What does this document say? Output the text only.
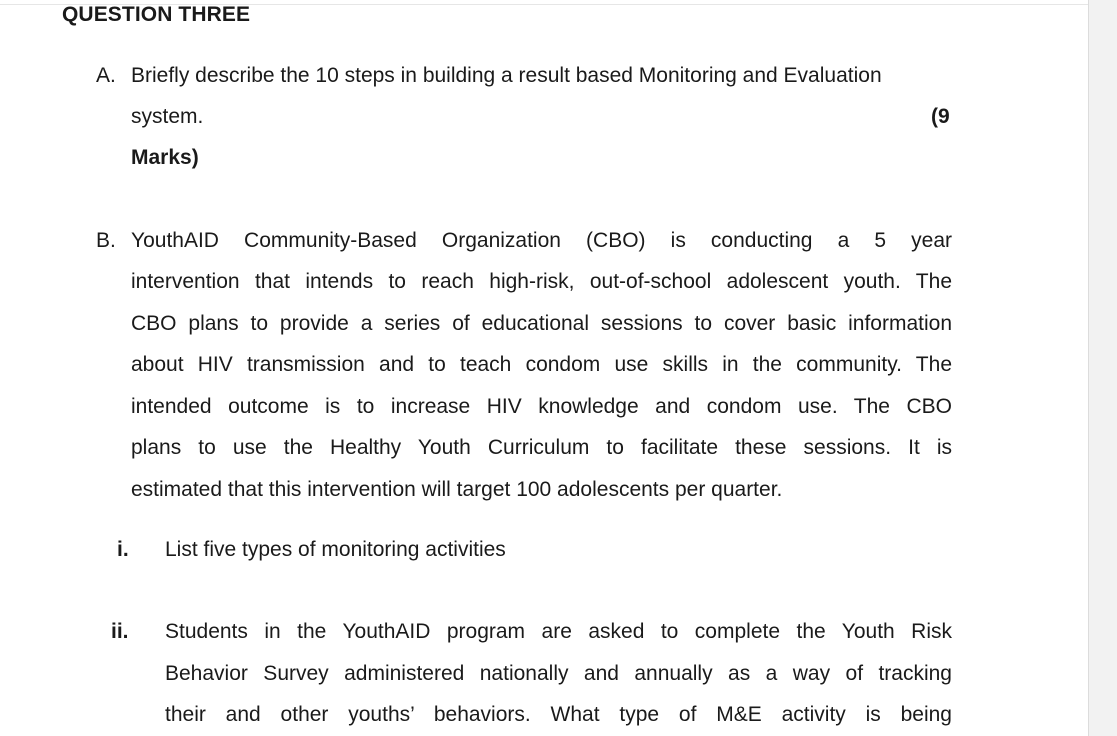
QUESTION THREE
A. Briefly describe the 10 steps in building a result based Monitoring and Evaluation
system.	(9
Marks)
B. YouthAID Community-Based Organization (CBO) is conducting a 5 year
intervention that intends to reach high-risk, out-of-school adolescent youth. The
CBO plans to provide a series of educational sessions to cover basic information
about HIV transmission and to teach condom use skills in the community. The
intended outcome is to increase HIV knowledge and condom use. The CBO
plans to use the Healthy Youth Curriculum to facilitate these sessions. It is
estimated that this intervention will target 100 adolescents per quarter.
i. List five types of monitoring activities
ii. Students in the YouthAID program are asked to complete the Youth Risk
Behavior Survey administered nationally and annually as a way of tracking
their and other youths’ behaviors. What type of M&E activity is being
